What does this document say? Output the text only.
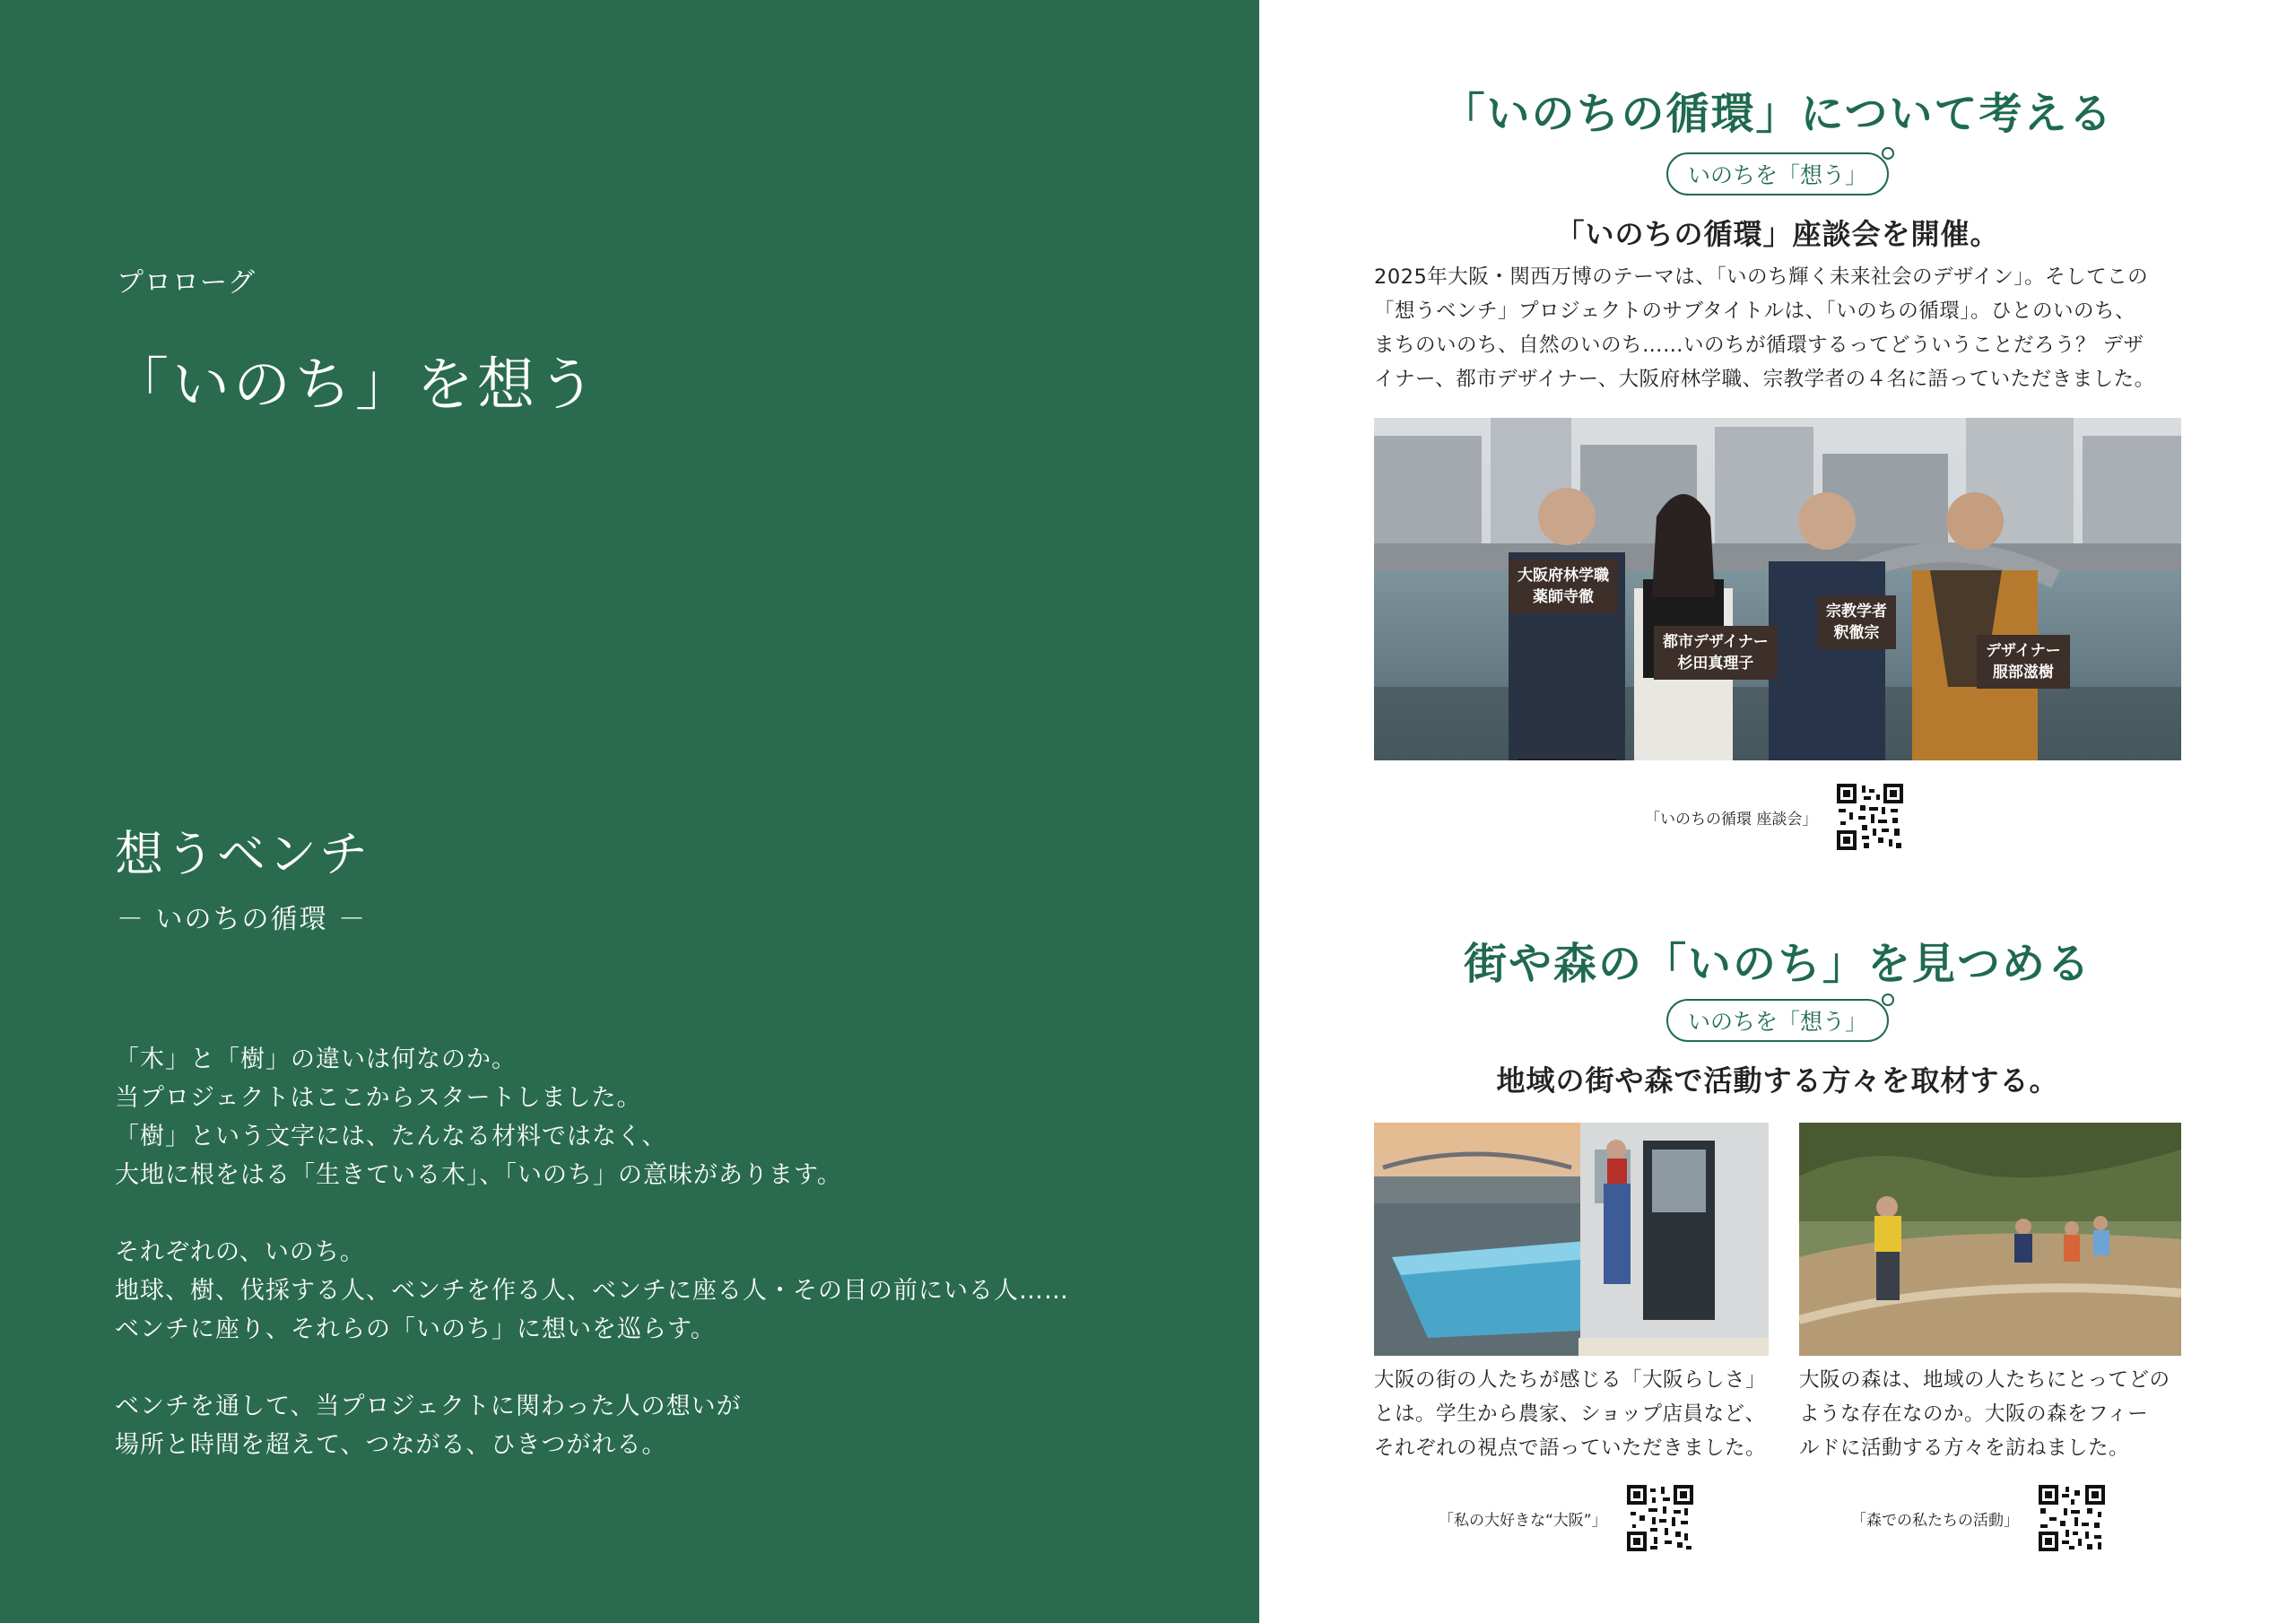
プロローグ
「いのち」を想う
想うベンチ
－ いのちの循環 －

「木」と「樹」の違いは何なのか。
当プロジェクトはここからスタートしました。
「樹」という文字には、たんなる材料ではなく、
大地に根をはる「生きている木」、「いのち」の意味があります。

それぞれの、いのち。
地球、樹、伐採する人、ベンチを作る人、ベンチに座る人・その目の前にいる人……
ベンチに座り、それらの「いのち」に想いを巡らす。

ベンチを通して、当プロジェクトに関わった人の想いが
場所と時間を超えて、つながる、ひきつがれる。

「いのちの循環」について考える
いのちを「想う」
「いのちの循環」座談会を開催。
2025年大阪・関西万博のテーマは、「いのち輝く未来社会のデザイン」。そしてこの
「想うベンチ」プロジェクトのサブタイトルは、「いのちの循環」。ひとのいのち、
まちのいのち、自然のいのち……いのちが循環するってどういうことだろう？ デザ
イナー、都市デザイナー、大阪府林学職、宗教学者の４名に語っていただきました。
大阪府林学職
薬師寺徹
都市デザイナー
杉田真理子
宗教学者
釈徹宗
デザイナー
服部滋樹
「いのちの循環 座談会」
街や森の「いのち」を見つめる
いのちを「想う」
地域の街や森で活動する方々を取材する。
大阪の街の人たちが感じる「大阪らしさ」
とは。学生から農家、ショップ店員など、
それぞれの視点で語っていただきました。
大阪の森は、地域の人たちにとってどの
ような存在なのか。大阪の森をフィー
ルドに活動する方々を訪ねました。
「私の大好きな“大阪”」	「森での私たちの活動」
